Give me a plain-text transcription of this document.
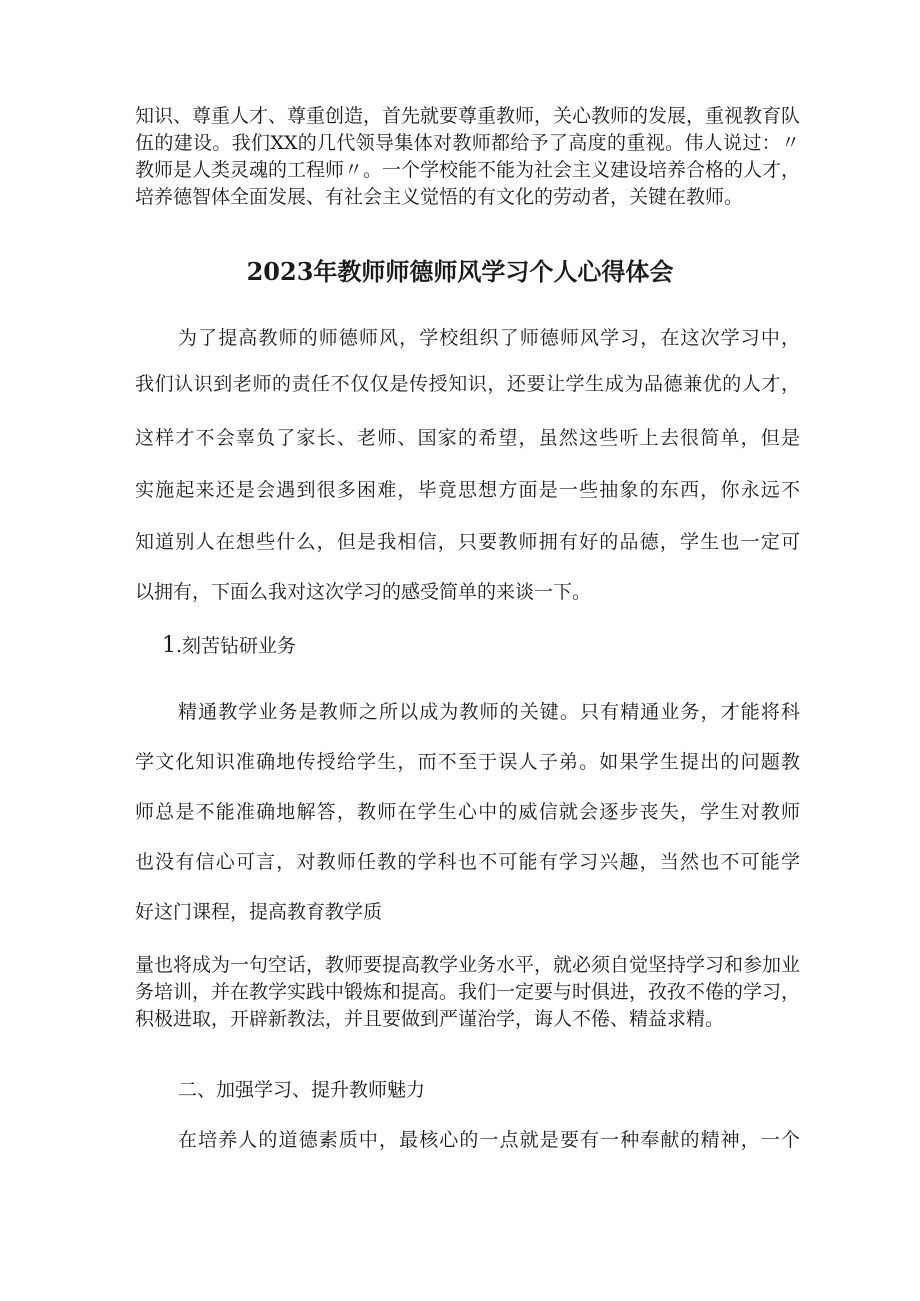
知识、尊重人才、尊重创造，首先就要尊重教师，关心教师的发展，重视教育队伍的建设。我们XX的几代领导集体对教师都给予了高度的重视。伟人说过：〃教师是人类灵魂的工程师〃。一个学校能不能为社会主义建设培养合格的人才，培养德智体全面发展、有社会主义觉悟的有文化的劳动者，关键在教师。

2023年教师师德师风学习个人心得体会

为了提高教师的师德师风，学校组织了师德师风学习，在这次学习中，

我们认识到老师的责任不仅仅是传授知识，还要让学生成为品德兼优的人才，

这样才不会辜负了家长、老师、国家的希望，虽然这些听上去很简单，但是

实施起来还是会遇到很多困难，毕竟思想方面是一些抽象的东西，你永远不

知道别人在想些什么，但是我相信，只要教师拥有好的品德，学生也一定可

以拥有，下面么我对这次学习的感受简单的来谈一下。

1.刻苦钻研业务

精通教学业务是教师之所以成为教师的关键。只有精通业务，才能将科

学文化知识准确地传授给学生，而不至于误人子弟。如果学生提出的问题教

师总是不能准确地解答，教师在学生心中的威信就会逐步丧失，学生对教师

也没有信心可言，对教师任教的学科也不可能有学习兴趣，当然也不可能学

好这门课程，提高教育教学质

量也将成为一句空话，教师要提高教学业务水平，就必须自觉坚持学习和参加业务培训，并在教学实践中锻炼和提高。我们一定要与时俱进，孜孜不倦的学习，积极进取，开辟新教法，并且要做到严谨治学，诲人不倦、精益求精。

二、加强学习、提升教师魅力

在培养人的道德素质中，最核心的一点就是要有一种奉献的精神，一个
